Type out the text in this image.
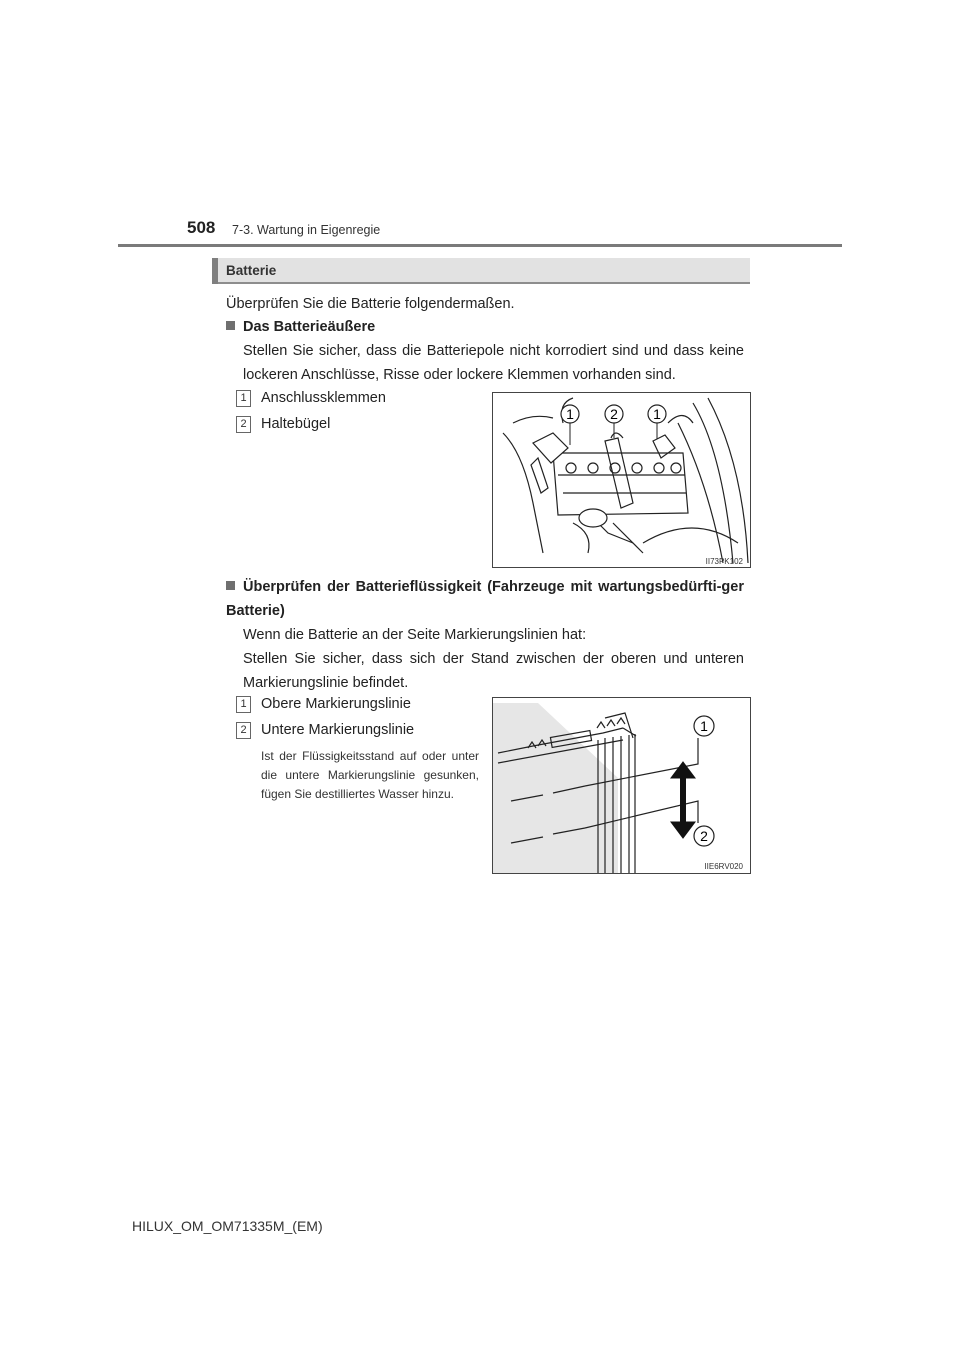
508 7-3. Wartung in Eigenregie
Batterie
Überprüfen Sie die Batterie folgendermaßen.
Das Batterieäußere
Stellen Sie sicher, dass die Batteriepole nicht korrodiert sind und dass keine lockeren Anschlüsse, Risse oder lockere Klemmen vorhanden sind.
1 Anschlussklemmen
2 Haltebügel
1	2	1
II73PK102
Überprüfen der Batterieflüssigkeit (Fahrzeuge mit wartungsbedürfti-ger Batterie)
Wenn die Batterie an der Seite Markierungslinien hat:
Stellen Sie sicher, dass sich der Stand zwischen der oberen und unteren Markierungslinie befindet.
1 Obere Markierungslinie
2 Untere Markierungslinie
Ist der Flüssigkeitsstand auf oder unter die untere Markierungslinie gesunken, fügen Sie destilliertes Wasser hinzu.
1
2
IIE6RV020
HILUX_OM_OM71335M_(EM)
